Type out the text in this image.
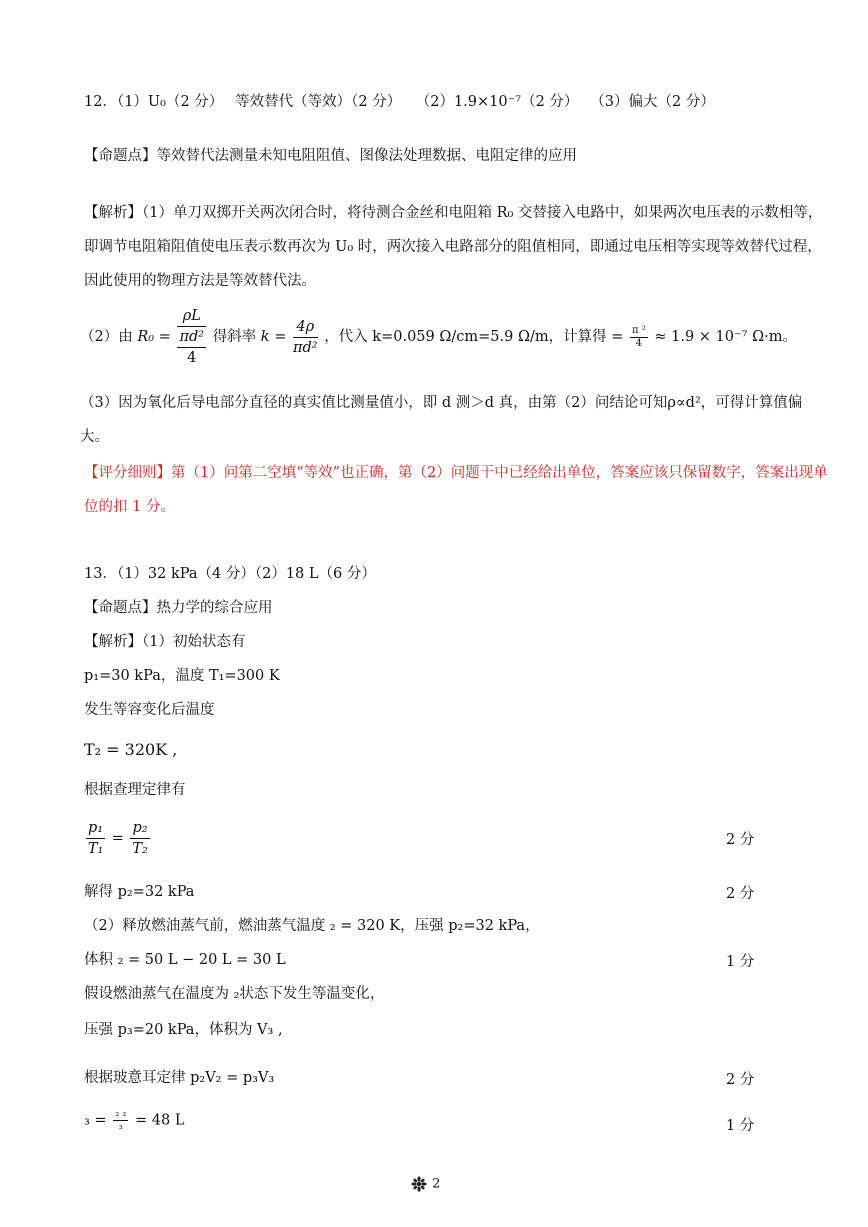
12．（1）U₀（2 分）　 等效替代（等效）（2 分）　　（2）1.9×10⁻⁷（2 分）　 （3）偏大（2 分）
【命题点】等效替代法测量未知电阻阻值、图像法处理数据、电阻定律的应用
【解析】（1）单刀双掷开关两次闭合时，将待测合金丝和电阻箱 R₀ 交替接入电路中，如果两次电压表的示数相等，即调节电阻箱阻值使电压表示数再次为 U₀ 时，两次接入电路部分的阻值相同，即通过电压相等实现等效替代过程，因此使用的物理方法是等效替代法。
（2）由 R₀ =
ρL
πd²
4
得斜率 $k = \frac{4\rho}{\text{πd²}}$ ，代入 k=0.059 Ω/cm=5.9 Ω/m，计算得 = $\frac{\text{π ²}}{4} \approx 1.9 \times 10^{-7}$ Ω·m。
（3）因为氧化后导电部分直径的真实值比测量值小，即 d 测＞d 真，由第（2）问结论可知ρ∝d²，可得计算值偏大。
【评分细则】第（1）问第二空填“等效”也正确，第（2）问题干中已经给出单位，答案应该只保留数字，答案出现单位的扣 1 分。
13．（1）32 kPa（4 分）（2）18 L（6 分）
【命题点】热力学的综合应用
【解析】（1）初始状态有
p₁=30 kPa，温度 T₁=300 K
发生等容变化后温度
T₂ = 320K ,
根据查理定律有
$\frac{\text{p₁}}{\text{T₁}} = \frac{\text{p₂}}{\text{T₂}}$	2 分
解得 p₂=32 kPa	2 分
（2）释放燃油蒸气前，燃油蒸气温度 ₂ = 320 K，压强 p₂=32 kPa，
体积 ₂ = 50 L − 20 L = 30 L	1 分
假设燃油蒸气在温度为 ₂状态下发生等温变化，
压强 p₃=20 kPa，体积为 V₃ ,
根据玻意耳定律 p₂V₂ = p₃V₃	2 分
$_3 = \frac{\text{₂ ₂}}{\text{₃}} = 48$ L	1 分
2
